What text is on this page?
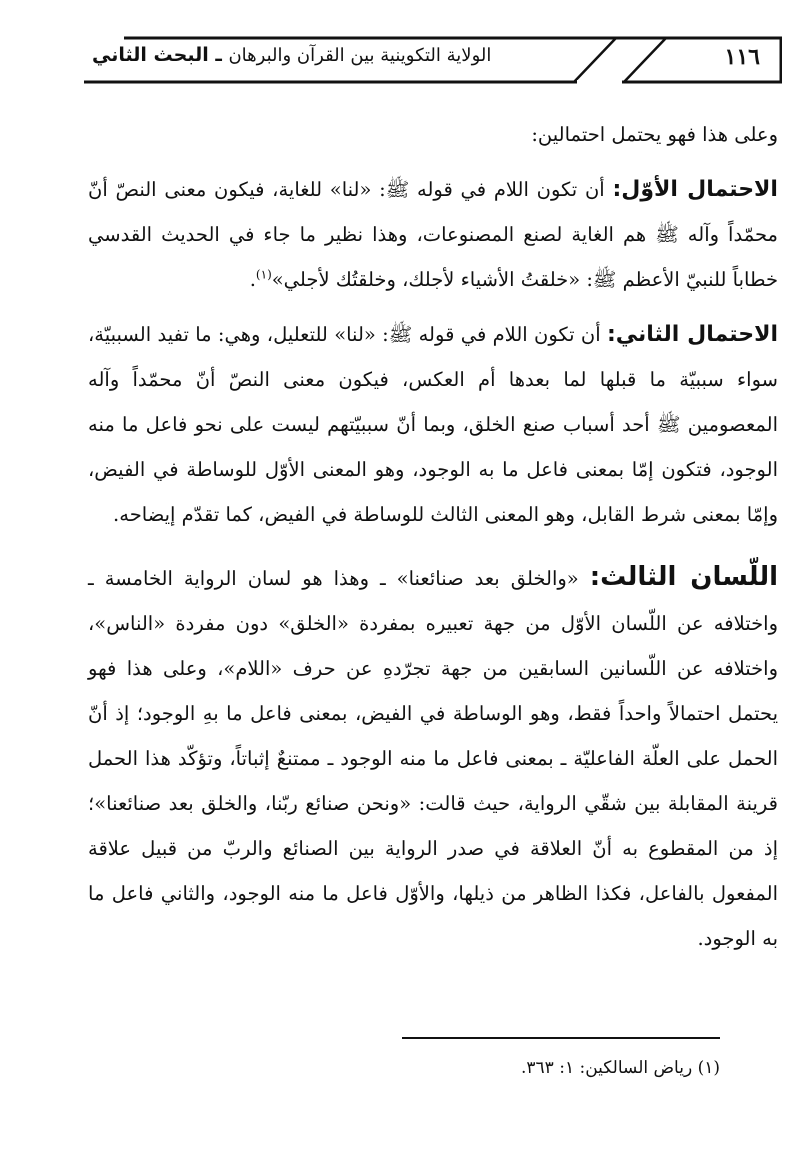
١١٦
الولاية التكوينية بين القرآن والبرهان ـ البحث الثاني

وعلى هذا فهو يحتمل احتمالين:

الاحتمال الأوّل: أن تكون اللام في قوله ﷺ: «لنا» للغاية، فيكون معنى النصّ أنّ محمّداً وآله ﷺ هم الغاية لصنع المصنوعات، وهذا نظير ما جاء في الحديث القدسي خطاباً للنبيّ الأعظم ﷺ: «خلقتُ الأشياء لأجلك، وخلقتُك لأجلي»$^{(١)}$.

الاحتمال الثاني: أن تكون اللام في قوله ﷺ: «لنا» للتعليل، وهي: ما تفيد السببيّة، سواء سببيّة ما قبلها لما بعدها أم العكس، فيكون معنى النصّ أنّ محمّداً وآله المعصومين ﷺ أحد أسباب صنع الخلق، وبما أنّ سببيّتهم ليست على نحو فاعل ما منه الوجود، فتكون إمّا بمعنى فاعل ما به الوجود، وهو المعنى الأوّل للوساطة في الفيض، وإمّا بمعنى شرط القابل، وهو المعنى الثالث للوساطة في الفيض، كما تقدّم إيضاحه.

اللّسان الثالث: «والخلق بعد صنائعنا» ـ وهذا هو لسان الرواية الخامسة ـ واختلافه عن اللّسان الأوّل من جهة تعبيره بمفردة «الخلق» دون مفردة «الناس»، واختلافه عن اللّسانين السابقين من جهة تجرّدهِ عن حرف «اللام»، وعلى هذا فهو يحتمل احتمالاً واحداً فقط، وهو الوساطة في الفيض، بمعنى فاعل ما بهِ الوجود؛ إذ أنّ الحمل على العلّة الفاعليّة ـ بمعنى فاعل ما منه الوجود ـ ممتنعٌ إثباتاً، وتؤكّد هذا الحمل قرينة المقابلة بين شقّي الرواية، حيث قالت: «ونحن صنائع ربّنا، والخلق بعد صنائعنا»؛ إذ من المقطوع به أنّ العلاقة في صدر الرواية بين الصنائع والربّ من قبيل علاقة المفعول بالفاعل، فكذا الظاهر من ذيلها، والأوّل فاعل ما منه الوجود، والثاني فاعل ما به الوجود.

(١) رياض السالكين: ١: ٣٦٣.
